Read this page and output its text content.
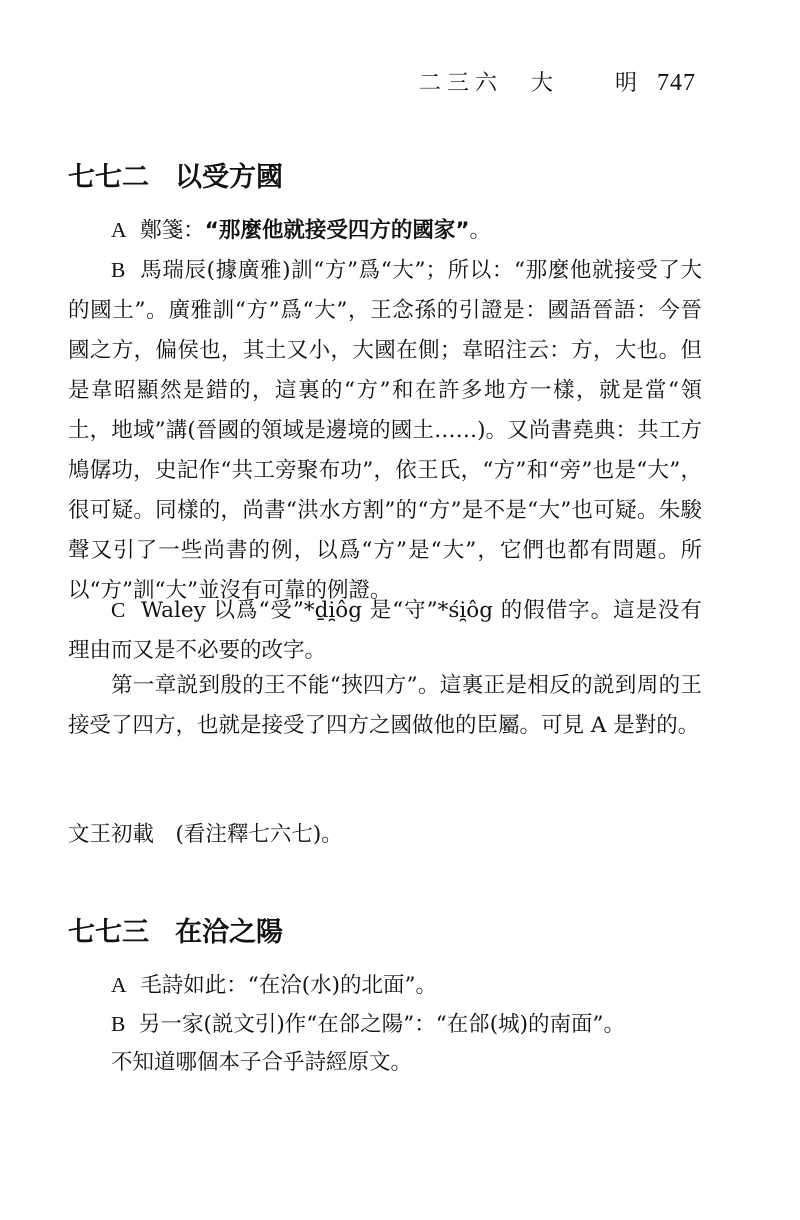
二三六　大　　明 747
七七二 以受方國
A 鄭箋：“那麼他就接受四方的國家”。
B 馬瑞辰(據廣雅)訓“方”爲“大”；所以：“那麼他就接受了大的國土”。廣雅訓“方”爲“大”，王念孫的引證是：國語晉語：今晉國之方，偏侯也，其土又小，大國在側；韋昭注云：方，大也。但是韋昭顯然是錯的，這裏的“方”和在許多地方一樣，就是當“領土，地域”講(晉國的領域是邊境的國土……)。又尚書堯典：共工方鳩僝功，史記作“共工旁聚布功”，依王氏，“方”和“旁”也是“大”，很可疑。同樣的，尚書“洪水方割”的“方”是不是“大”也可疑。朱駿聲又引了一些尚書的例，以爲“方”是“大”，它們也都有問題。所以“方”訓“大”並沒有可靠的例證。
C Waley 以爲“受”*ḏi̯ôg 是“守”*śi̯ôg 的假借字。這是没有理由而又是不必要的改字。
第一章説到殷的王不能“挾四方”。這裏正是相反的説到周的王接受了四方，也就是接受了四方之國做他的臣屬。可見 A 是對的。
文王初載　(看注釋七六七)。
七七三 在洽之陽
A 毛詩如此：“在洽(水)的北面”。
B 另一家(説文引)作“在郃之陽”：“在郃(城)的南面”。
不知道哪個本子合乎詩經原文。
